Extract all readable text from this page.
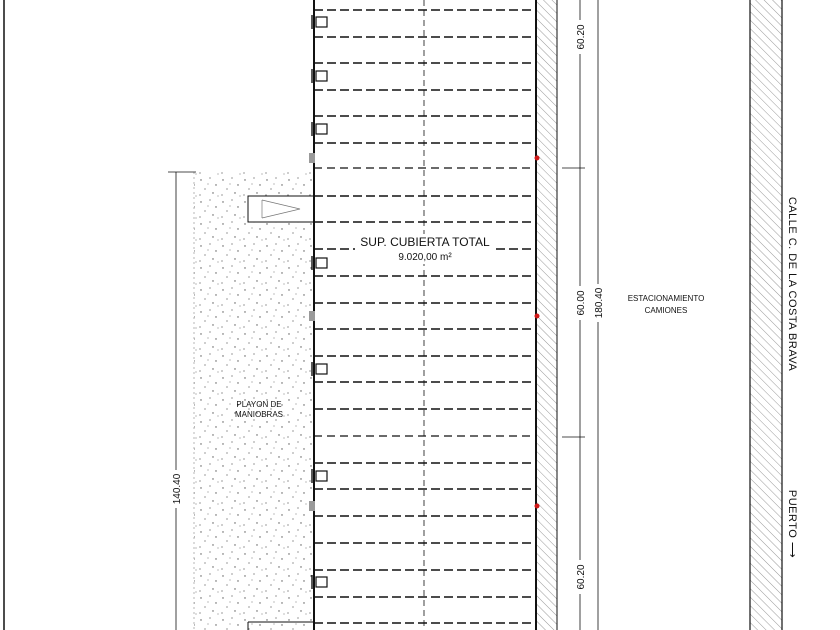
60.20
60.00
60.20
180.40
140.40
SUP. CUBIERTA TOTAL
9.020,00 m²
PLAYON DE
MANIOBRAS
ESTACIONAMIENTO
CAMIONES	CALLE C. DE LA COSTA BRAVA
PUERTO ⟶
